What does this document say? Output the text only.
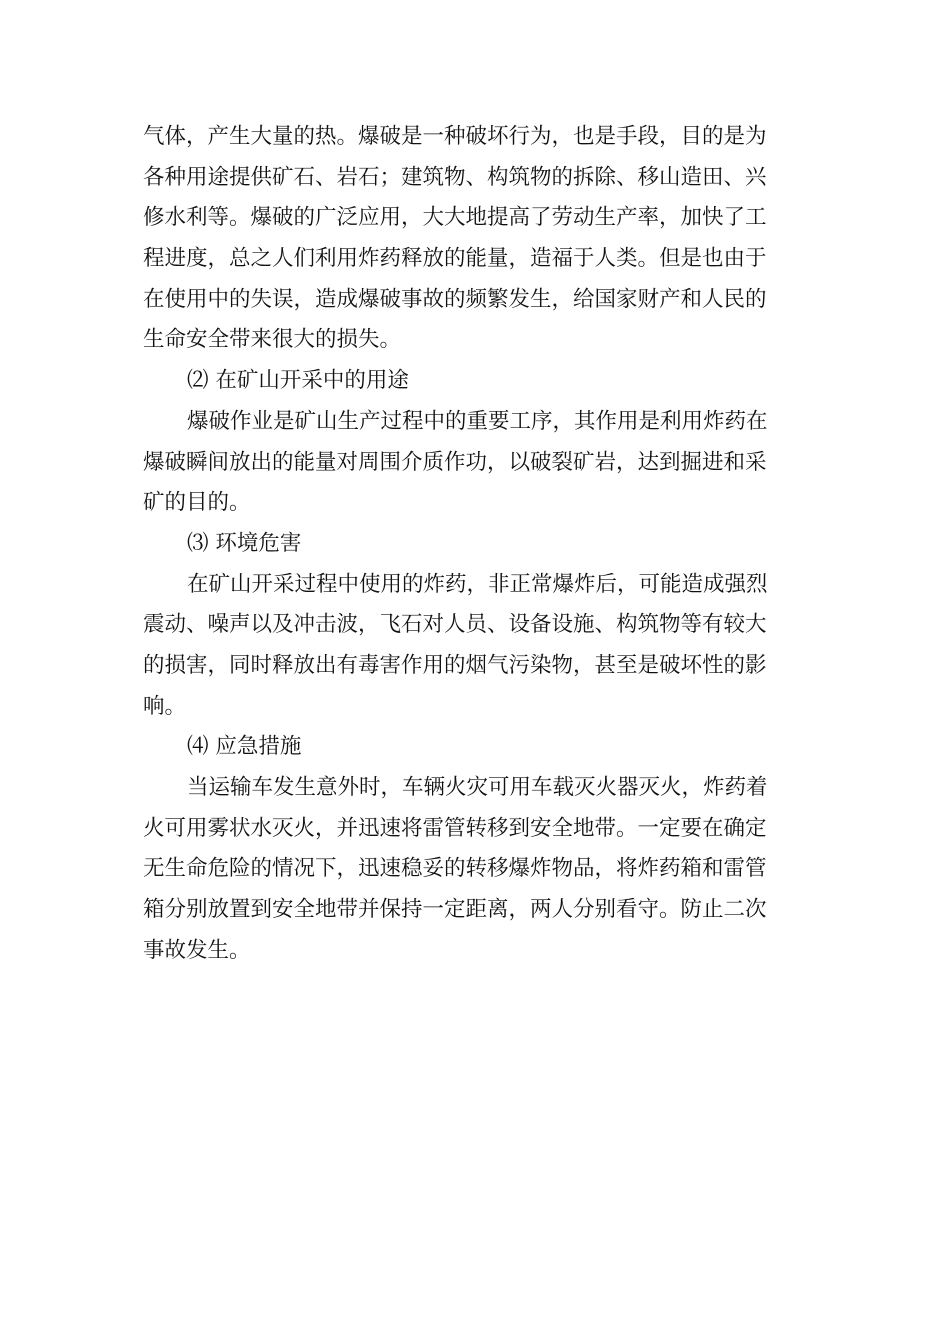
气体，产生大量的热。爆破是一种破坏行为，也是手段，目的是为
各种用途提供矿石、岩石；建筑物、构筑物的拆除、移山造田、兴
修水利等。爆破的广泛应用，大大地提高了劳动生产率，加快了工
程进度，总之人们利用炸药释放的能量，造福于人类。但是也由于
在使用中的失误，造成爆破事故的频繁发生，给国家财产和人民的
生命安全带来很大的损失。
⑵ 在矿山开采中的用途
爆破作业是矿山生产过程中的重要工序，其作用是利用炸药在
爆破瞬间放出的能量对周围介质作功，以破裂矿岩，达到掘进和采
矿的目的。
⑶ 环境危害
在矿山开采过程中使用的炸药，非正常爆炸后，可能造成强烈
震动、噪声以及冲击波，飞石对人员、设备设施、构筑物等有较大
的损害，同时释放出有毒害作用的烟气污染物，甚至是破坏性的影
响。
⑷ 应急措施
当运输车发生意外时，车辆火灾可用车载灭火器灭火，炸药着
火可用雾状水灭火，并迅速将雷管转移到安全地带。一定要在确定
无生命危险的情况下，迅速稳妥的转移爆炸物品，将炸药箱和雷管
箱分别放置到安全地带并保持一定距离，两人分别看守。防止二次
事故发生。
